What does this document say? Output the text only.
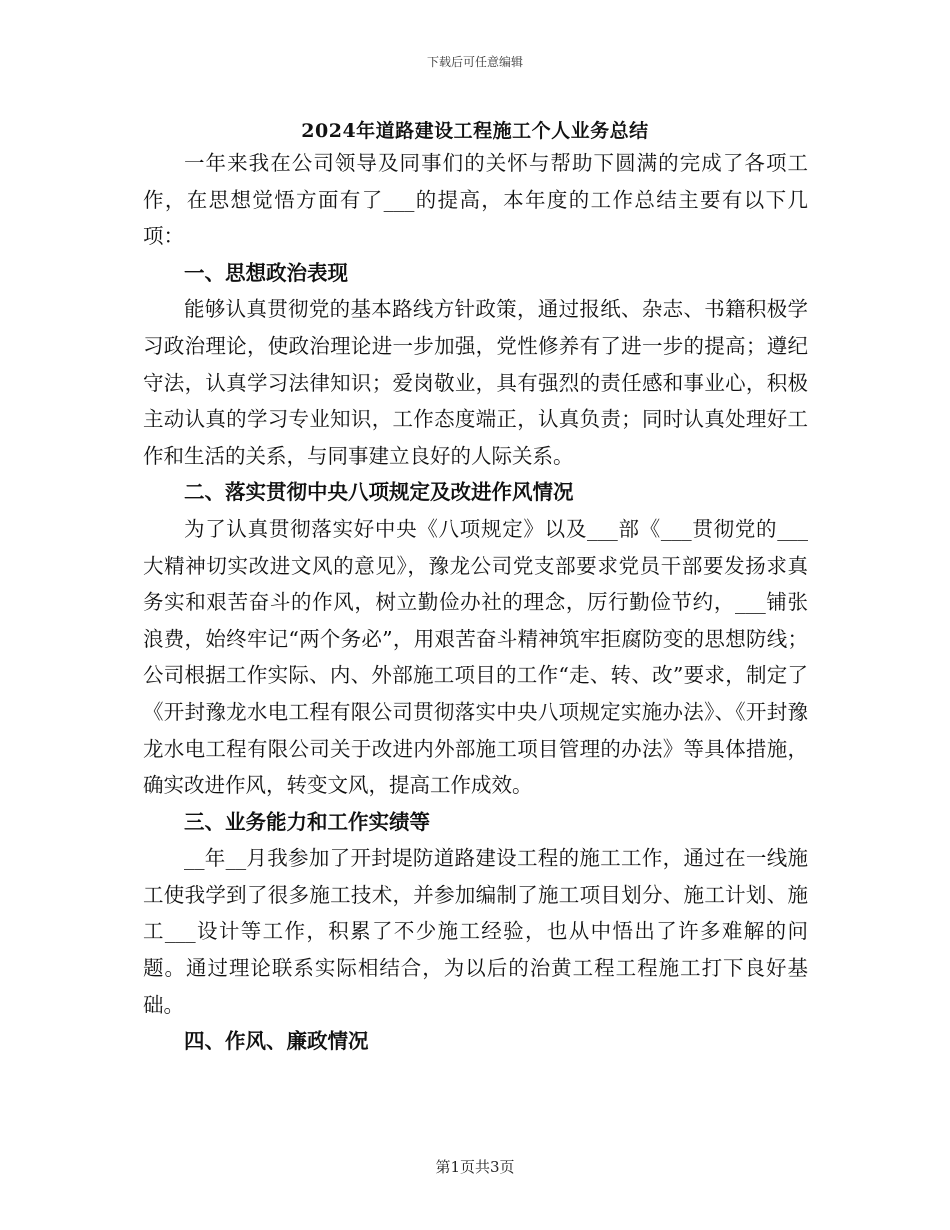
下载后可任意编辑
2024年道路建设工程施工个人业务总结

一年来我在公司领导及同事们的关怀与帮助下圆满的完成了各项工作，在思想觉悟方面有了___的提高，本年度的工作总结主要有以下几项：

一、思想政治表现

能够认真贯彻党的基本路线方针政策，通过报纸、杂志、书籍积极学习政治理论，使政治理论进一步加强，党性修养有了进一步的提高；遵纪守法，认真学习法律知识；爱岗敬业，具有强烈的责任感和事业心，积极主动认真的学习专业知识，工作态度端正，认真负责；同时认真处理好工作和生活的关系，与同事建立良好的人际关系。

二、落实贯彻中央八项规定及改进作风情况

为了认真贯彻落实好中央《八项规定》以及___部《___贯彻党的___大精神切实改进文风的意见》，豫龙公司党支部要求党员干部要发扬求真务实和艰苦奋斗的作风，树立勤俭办社的理念，厉行勤俭节约，___铺张浪费，始终牢记“两个务必”，用艰苦奋斗精神筑牢拒腐防变的思想防线；公司根据工作实际、内、外部施工项目的工作“走、转、改”要求，制定了《开封豫龙水电工程有限公司贯彻落实中央八项规定实施办法》、《开封豫龙水电工程有限公司关于改进内外部施工项目管理的办法》等具体措施，确实改进作风，转变文风，提高工作成效。

三、业务能力和工作实绩等

__年__月我参加了开封堤防道路建设工程的施工工作，通过在一线施工使我学到了很多施工技术，并参加编制了施工项目划分、施工计划、施工___设计等工作，积累了不少施工经验，也从中悟出了许多难解的问题。通过理论联系实际相结合，为以后的治黄工程工程施工打下良好基础。

四、作风、廉政情况

第1页共3页
